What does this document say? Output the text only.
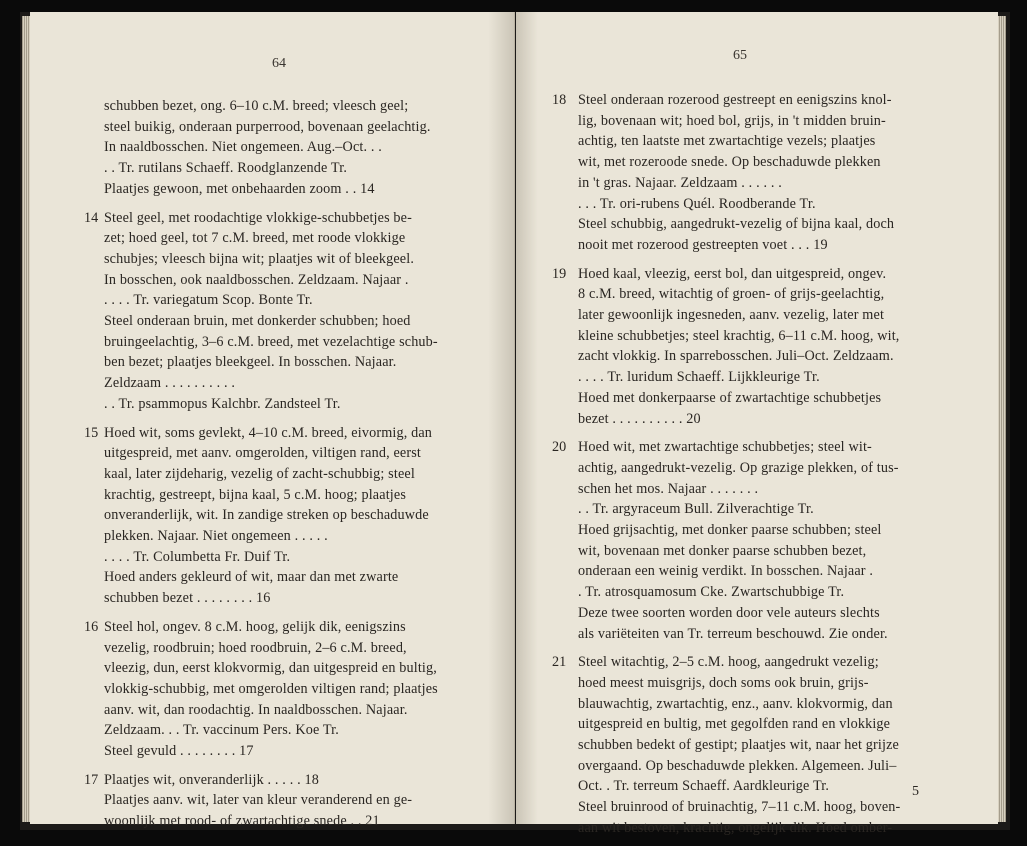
64
schubben bezet, ong. 6–10 c.M. breed; vleesch geel;
steel buikig, onderaan purperrood, bovenaan geelachtig.
In naaldbosschen. Niet ongemeen. Aug.–Oct. . .
. . Tr. rutilans Schaeff. Roodglanzende Tr.
Plaatjes gewoon, met onbehaarden zoom . . 14
14 Steel geel, met roodachtige vlokkige-schubbetjes be-
zet; hoed geel, tot 7 c.M. breed, met roode vlokkige
schubjes; vleesch bijna wit; plaatjes wit of bleekgeel.
In bosschen, ook naaldbosschen. Zeldzaam. Najaar .
. . . . Tr. variegatum Scop. Bonte Tr.
Steel onderaan bruin, met donkerder schubben; hoed
bruingeelachtig, 3–6 c.M. breed, met vezelachtige schub-
ben bezet; plaatjes bleekgeel. In bosschen. Najaar.
Zeldzaam . . . . . . . . . .
. . Tr. psammopus Kalchbr. Zandsteel Tr.
15 Hoed wit, soms gevlekt, 4–10 c.M. breed, eivormig, dan
uitgespreid, met aanv. omgerolden, viltigen rand, eerst
kaal, later zijdeharig, vezelig of zacht-schubbig; steel
krachtig, gestreept, bijna kaal, 5 c.M. hoog; plaatjes
onveranderlijk, wit. In zandige streken op beschaduwde
plekken. Najaar. Niet ongemeen . . . . .
. . . . Tr. Columbetta Fr. Duif Tr.
Hoed anders gekleurd of wit, maar dan met zwarte
schubben bezet . . . . . . . . 16
16 Steel hol, ongev. 8 c.M. hoog, gelijk dik, eenigszins
vezelig, roodbruin; hoed roodbruin, 2–6 c.M. breed,
vleezig, dun, eerst klokvormig, dan uitgespreid en bultig,
vlokkig-schubbig, met omgerolden viltigen rand; plaatjes
aanv. wit, dan roodachtig. In naaldbosschen. Najaar.
Zeldzaam. . . Tr. vaccinum Pers. Koe Tr.
Steel gevuld . . . . . . . . 17
17 Plaatjes wit, onveranderlijk . . . . . 18
Plaatjes aanv. wit, later van kleur veranderend en ge-
woonlijk met rood- of zwartachtige snede . . 21
65
5
18 Steel onderaan rozerood gestreept en eenigszins knol-
lig, bovenaan wit; hoed bol, grijs, in 't midden bruin-
achtig, ten laatste met zwartachtige vezels; plaatjes
wit, met rozeroode snede. Op beschaduwde plekken
in 't gras. Najaar. Zeldzaam . . . . . .
. . . Tr. ori-rubens Quél. Roodberande Tr.
Steel schubbig, aangedrukt-vezelig of bijna kaal, doch
nooit met rozerood gestreepten voet . . . 19
19 Hoed kaal, vleezig, eerst bol, dan uitgespreid, ongev.
8 c.M. breed, witachtig of groen- of grijs-geelachtig,
later gewoonlijk ingesneden, aanv. vezelig, later met
kleine schubbetjes; steel krachtig, 6–11 c.M. hoog, wit,
zacht vlokkig. In sparrebosschen. Juli–Oct. Zeldzaam.
. . . . Tr. luridum Schaeff. Lijkkleurige Tr.
Hoed met donkerpaarse of zwartachtige schubbetjes
bezet . . . . . . . . . . 20
20 Hoed wit, met zwartachtige schubbetjes; steel wit-
achtig, aangedrukt-vezelig. Op grazige plekken, of tus-
schen het mos. Najaar . . . . . . .
. . Tr. argyraceum Bull. Zilverachtige Tr.
Hoed grijsachtig, met donker paarse schubben; steel
wit, bovenaan met donker paarse schubben bezet,
onderaan een weinig verdikt. In bosschen. Najaar .
. Tr. atrosquamosum Cke. Zwartschubbige Tr.
Deze twee soorten worden door vele auteurs slechts
als variëteiten van Tr. terreum beschouwd. Zie onder.
21 Steel witachtig, 2–5 c.M. hoog, aangedrukt vezelig;
hoed meest muisgrijs, doch soms ook bruin, grijs-
blauwachtig, zwartachtig, enz., aanv. klokvormig, dan
uitgespreid en bultig, met gegolfden rand en vlokkige
schubben bedekt of gestipt; plaatjes wit, naar het grijze
overgaand. Op beschaduwde plekken. Algemeen. Juli–
Oct. . Tr. terreum Schaeff. Aardkleurige Tr.
Steel bruinrood of bruinachtig, 7–11 c.M. hoog, boven-
aan wit bestoven, krachtig, ongelijk dik. Hoed omber-
